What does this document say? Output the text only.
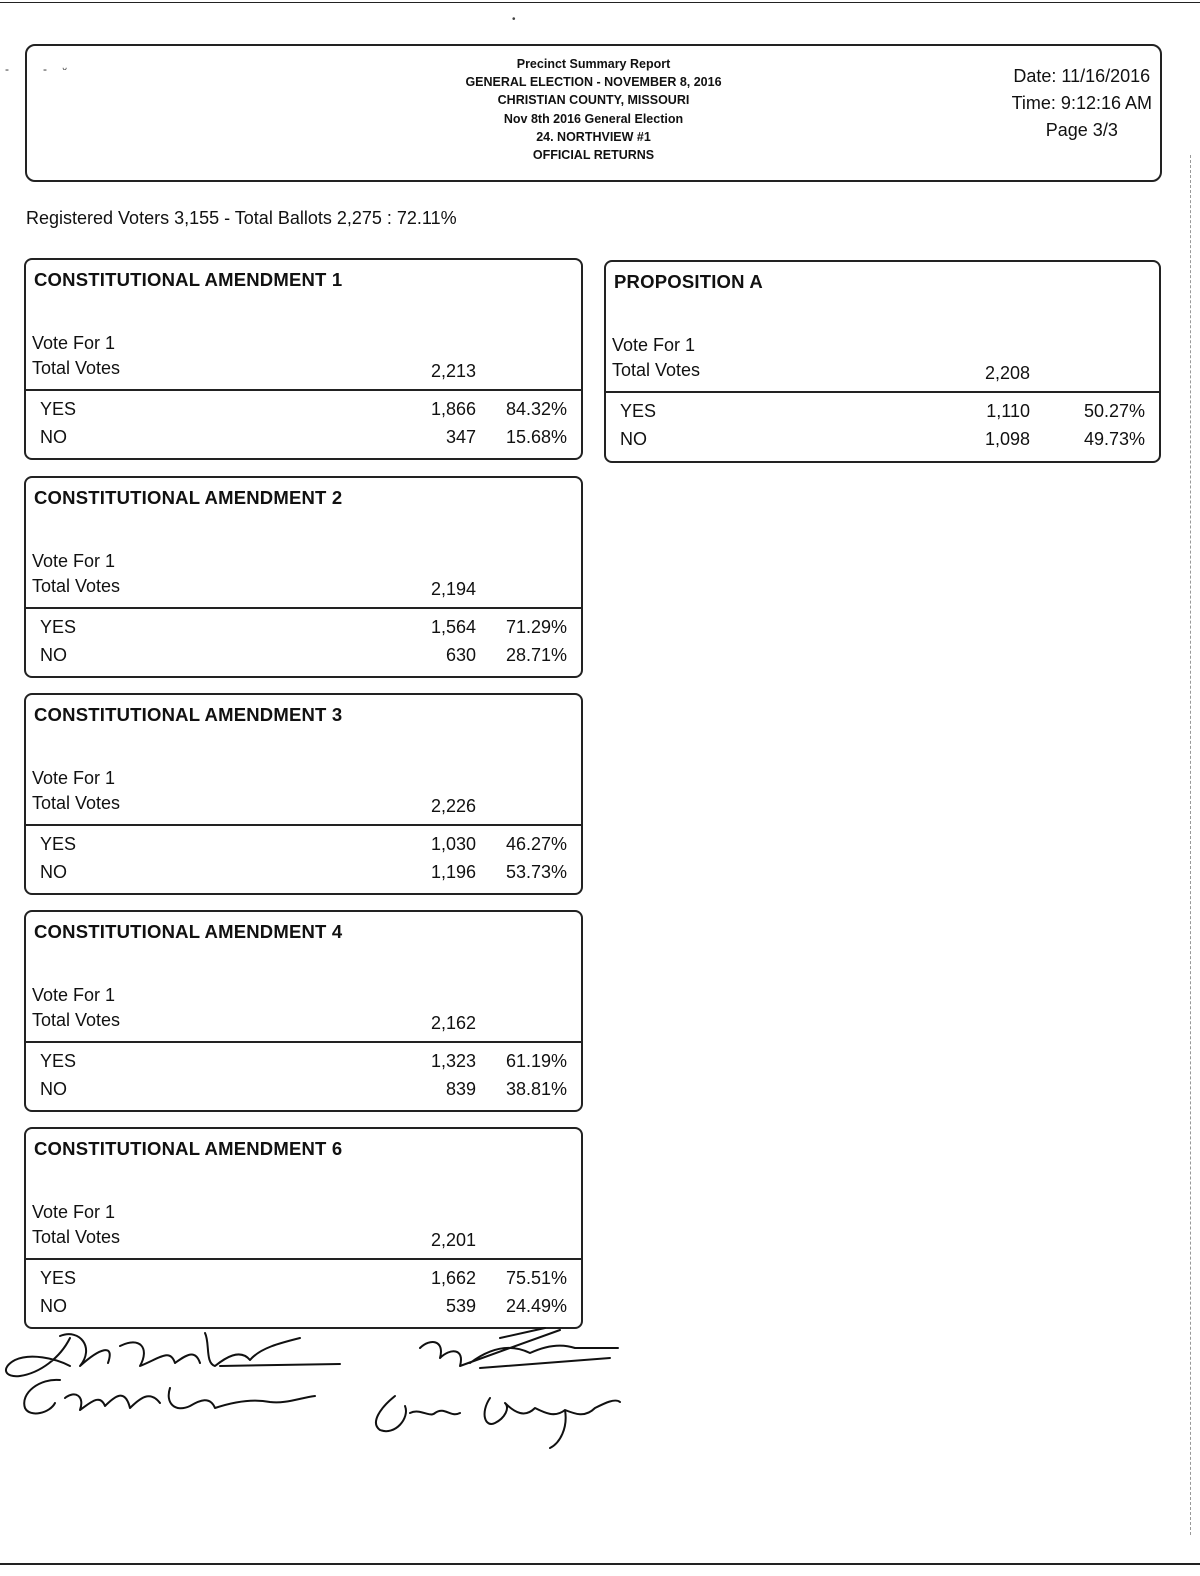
•
- . - ᵕ	Precinct Summary Report
GENERAL ELECTION - NOVEMBER 8, 2016
CHRISTIAN COUNTY, MISSOURI
Nov 8th 2016 General Election
24. NORTHVIEW #1
OFFICIAL RETURNS
Date: 11/16/2016
Time: 9:12:16 AM
Page 3/3
Registered Voters 3,155 - Total Ballots 2,275 : 72.11%
CONSTITUTIONAL AMENDMENT 1
Vote For 1
Total Votes	2,213
YES	1,866	84.32%
NO	347	15.68%
CONSTITUTIONAL AMENDMENT 2
Vote For 1
Total Votes	2,194
YES	1,564	71.29%
NO	630	28.71%
CONSTITUTIONAL AMENDMENT 3
Vote For 1
Total Votes	2,226
YES	1,030	46.27%
NO	1,196	53.73%
CONSTITUTIONAL AMENDMENT 4
Vote For 1
Total Votes	2,162
YES	1,323	61.19%
NO	839	38.81%
CONSTITUTIONAL AMENDMENT 6
Vote For 1
Total Votes	2,201
YES	1,662	75.51%
NO	539	24.49%
PROPOSITION A
Vote For 1
Total Votes	2,208
YES	1,110	50.27%
NO	1,098	49.73%
